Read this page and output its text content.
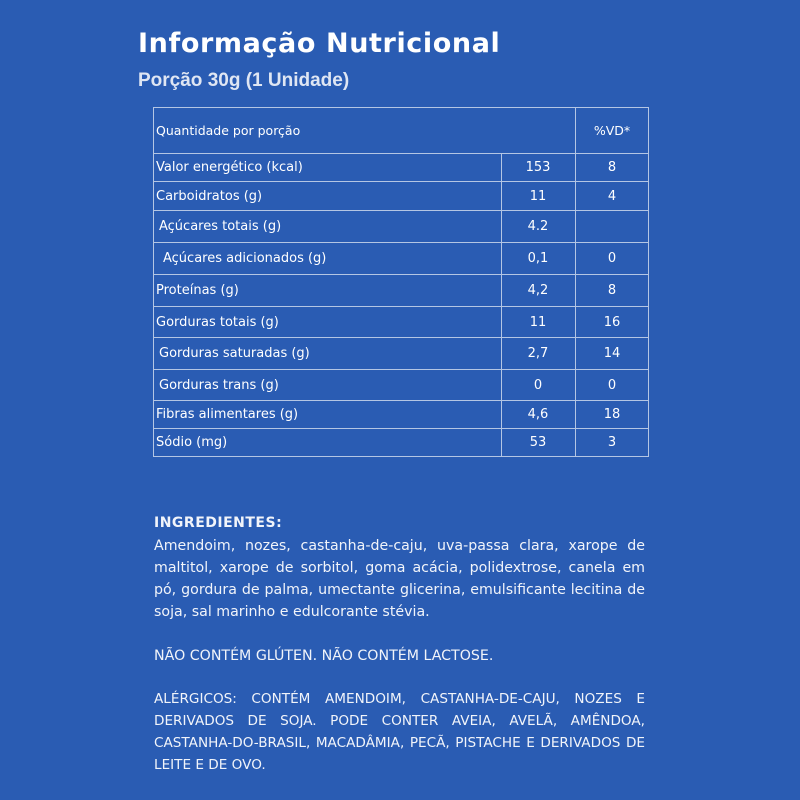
Informação Nutricional
Porção 30g (1 Unidade)
Quantidade por porção	%VD*
Valor energético (kcal)	153	8
Carboidratos (g)	11	4
Açúcares totais (g)	4.2
Açúcares adicionados (g)	0,1	0
Proteínas (g)	4,2	8
Gorduras totais (g)	11	16
Gorduras saturadas (g)	2,7	14
Gorduras trans (g)	0	0
Fibras alimentares (g)	4,6	18
Sódio (mg)	53	3
INGREDIENTES:
Amendoim, nozes, castanha-de-caju, uva-passa clara, xarope de maltitol, xarope de sorbitol, goma acácia, polidextrose, canela em pó, gordura de palma, umectante glicerina, emulsificante lecitina de soja, sal marinho e edulcorante stévia.
NÃO CONTÉM GLÚTEN. NÃO CONTÉM LACTOSE.
ALÉRGICOS: CONTÉM AMENDOIM, CASTANHA-DE-CAJU, NOZES E DERIVADOS DE SOJA. PODE CONTER AVEIA, AVELÃ, AMÊNDOA, CASTANHA-DO-BRASIL, MACADÂMIA, PECÃ, PISTACHE E DERIVADOS DE LEITE E DE OVO.
